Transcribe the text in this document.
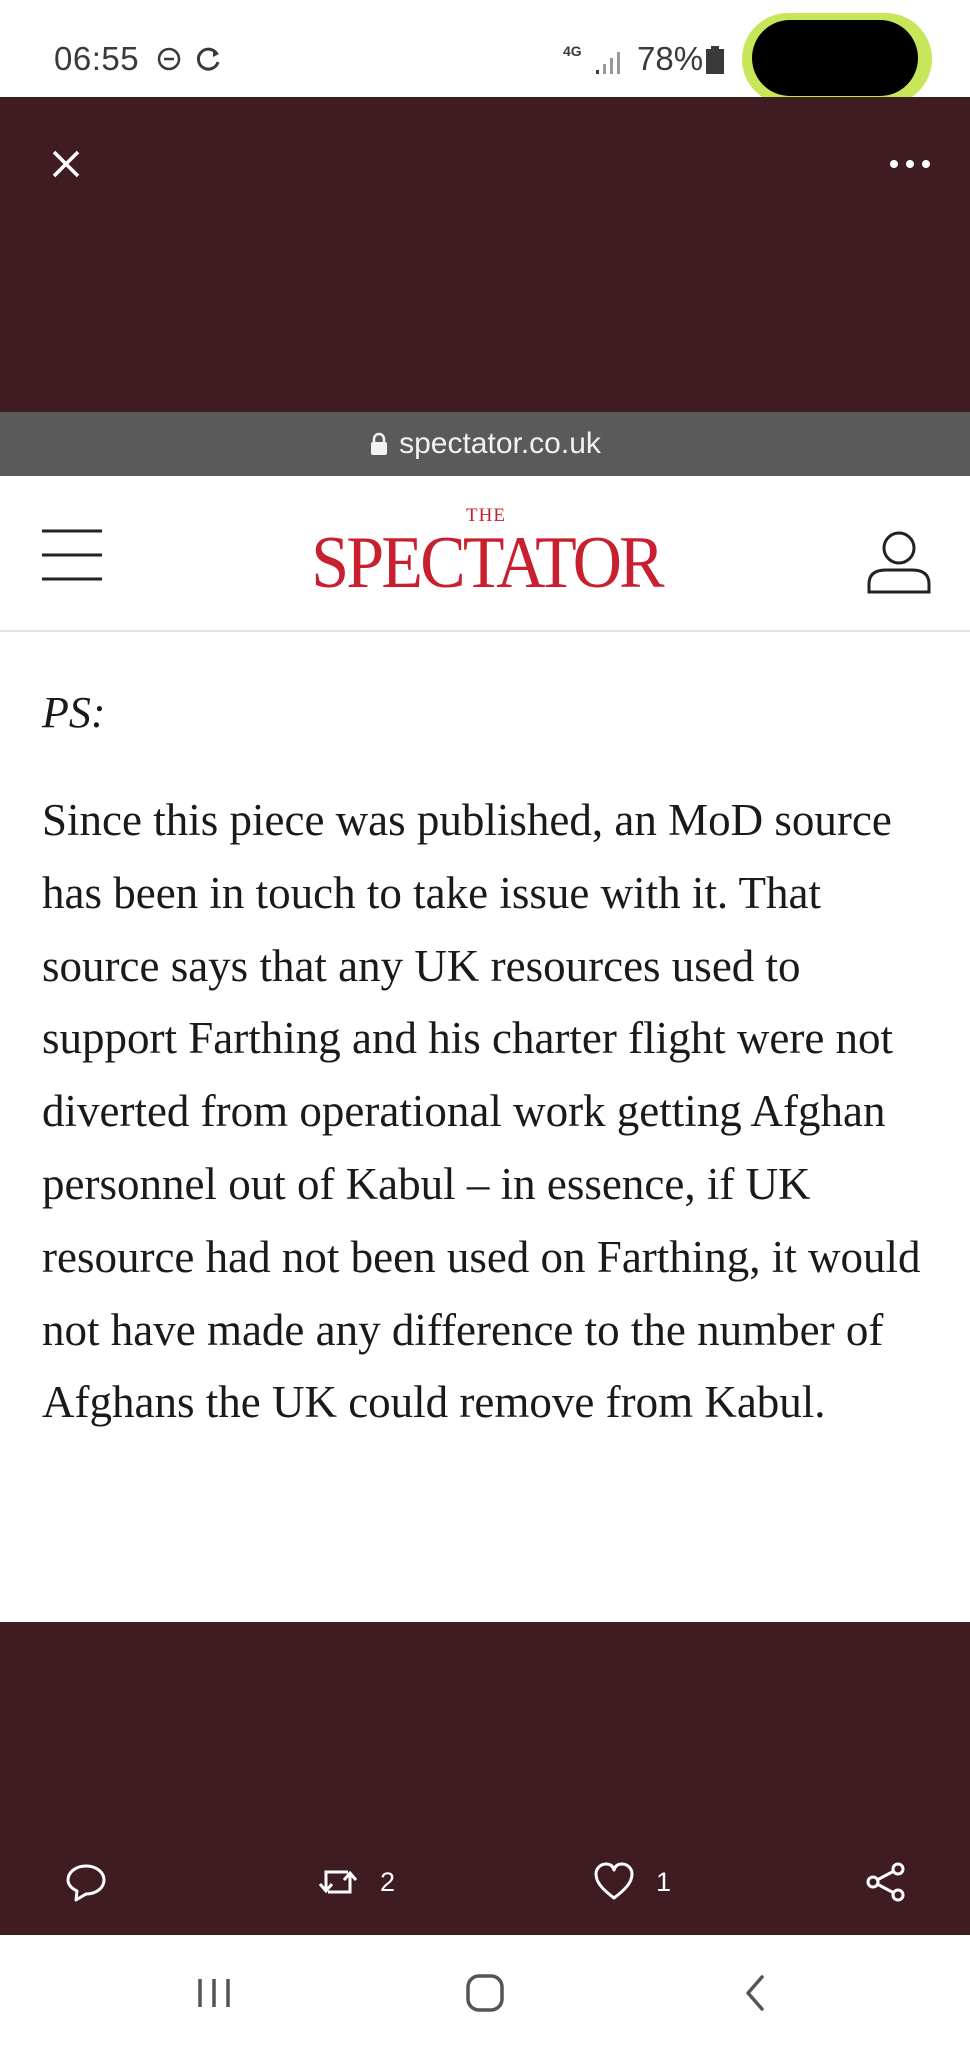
06:55	4G 78%
spectator.co.uk
THE
SPECTATOR
PS:
Since this piece was published, an MoD source has been in touch to take issue with it. That source says that any UK resources used to support Farthing and his charter flight were not diverted from operational work getting Afghan personnel out of Kabul – in essence, if UK resource had not been used on Farthing, it would not have made any difference to the number of Afghans the UK could remove from Kabul.
2	1
